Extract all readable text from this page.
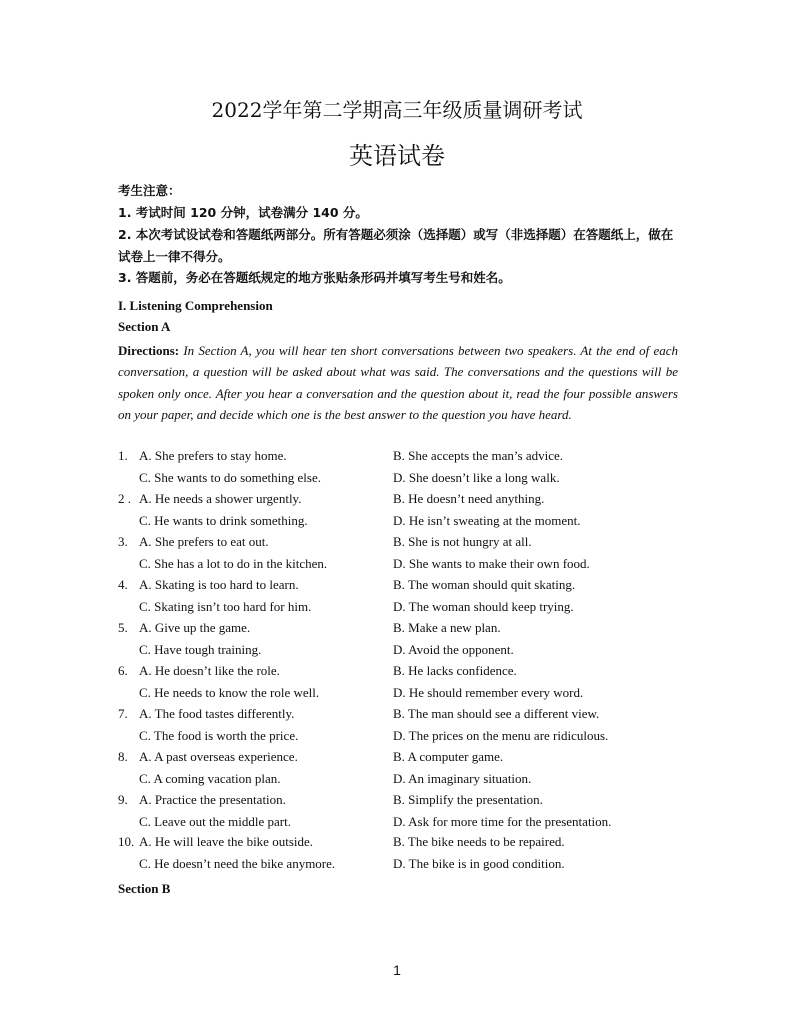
2022学年第二学期高三年级质量调研考试
英语试卷
考生注意：
1. 考试时间 120 分钟，试卷满分 140 分。
2. 本次考试设试卷和答题纸两部分。所有答题必须涂（选择题）或写（非选择题）在答题纸上，做在试卷上一律不得分。
3. 答题前，务必在答题纸规定的地方张贴条形码并填写考生号和姓名。
I. Listening Comprehension
Section A
Directions: In Section A, you will hear ten short conversations between two speakers. At the end of each conversation, a question will be asked about what was said. The conversations and the questions will be spoken only once. After you hear a conversation and the question about it, read the four possible answers on your paper, and decide which one is the best answer to the question you have heard.
1. A. She prefers to stay home.	B. She accepts the man’s advice.
C. She wants to do something else.	D. She doesn’t like a long walk.
2 . A. He needs a shower urgently.	B. He doesn’t need anything.
C. He wants to drink something.	D. He isn’t sweating at the moment.
3. A. She prefers to eat out.	B. She is not hungry at all.
C. She has a lot to do in the kitchen.	D. She wants to make their own food.
4. A. Skating is too hard to learn.	B. The woman should quit skating.
C. Skating isn’t too hard for him.	D. The woman should keep trying.
5. A. Give up the game.	B. Make a new plan.
C. Have tough training.	D. Avoid the opponent.
6. A. He doesn’t like the role.	B. He lacks confidence.
C. He needs to know the role well.	D. He should remember every word.
7. A. The food tastes differently.	B. The man should see a different view.
C. The food is worth the price.	D. The prices on the menu are ridiculous.
8. A. A past overseas experience.	B. A computer game.
C. A coming vacation plan.	D. An imaginary situation.
9. A. Practice the presentation.	B. Simplify the presentation.
C. Leave out the middle part.	D. Ask for more time for the presentation.
10. A. He will leave the bike outside.	B. The bike needs to be repaired.
C. He doesn’t need the bike anymore.	D. The bike is in good condition.
Section B
1
